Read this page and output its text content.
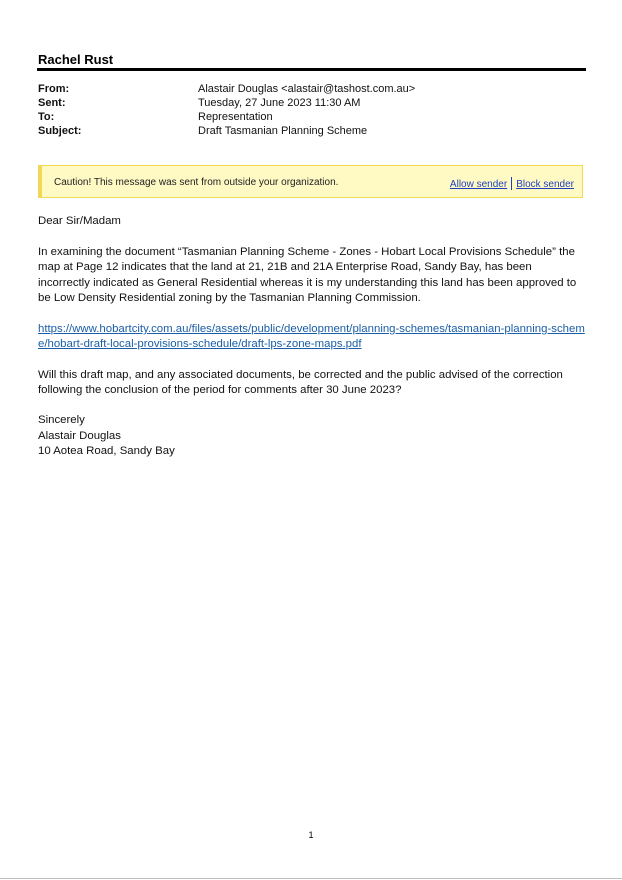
Rachel Rust
From:	Alastair Douglas <alastair@tashost.com.au>
Sent:	Tuesday, 27 June 2023 11:30 AM
To:	Representation
Subject:	Draft Tasmanian Planning Scheme
Caution! This message was sent from outside your organization.	Allow sender Block sender
Dear Sir/Madam
In examining the document “Tasmanian Planning Scheme - Zones - Hobart Local Provisions Schedule” the map at Page 12 indicates that the land at 21, 21B and 21A Enterprise Road, Sandy Bay, has been incorrectly indicated as General Residential whereas it is my understanding this land has been approved to be Low Density Residential zoning by the Tasmanian Planning Commission.
https://www.hobartcity.com.au/files/assets/public/development/planning-schemes/tasmanian-planning-scheme/hobart-draft-local-provisions-schedule/draft-lps-zone-maps.pdf
Will this draft map, and any associated documents, be corrected and the public advised of the correction following the conclusion of the period for comments after 30 June 2023?
Sincerely
Alastair Douglas
10 Aotea Road, Sandy Bay
1
